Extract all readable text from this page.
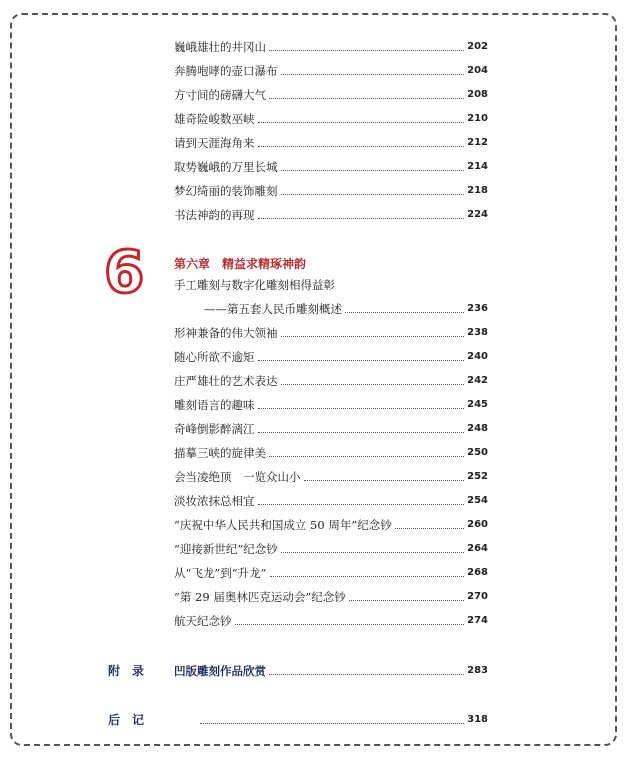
巍峨雄壮的井冈山	202
奔腾咆哮的壶口瀑布	204
方寸间的磅礴大气	208
雄奇险峻数巫峡	210
请到天涯海角来	212
取势巍峨的万里长城	214
梦幻绮丽的装饰雕刻	218
书法神韵的再现	224
6 第六章 精益求精琢神韵
手工雕刻与数字化雕刻相得益彰
——第五套人民币雕刻概述	236
形神兼备的伟大领袖	238
随心所欲不逾矩	240
庄严雄壮的艺术表达	242
雕刻语言的趣味	245
奇峰倒影醉漓江	248
描摹三峡的旋律美	250
会当凌绝顶　一览众山小	252
淡妆浓抹总相宜	254
“庆祝中华人民共和国成立 50 周年”纪念钞	260
“迎接新世纪”纪念钞	264
从“飞龙”到“升龙”	268
“第 29 届奥林匹克运动会”纪念钞	270
航天纪念钞	274
附　录	凹版雕刻作品欣赏	283
后　记	318
